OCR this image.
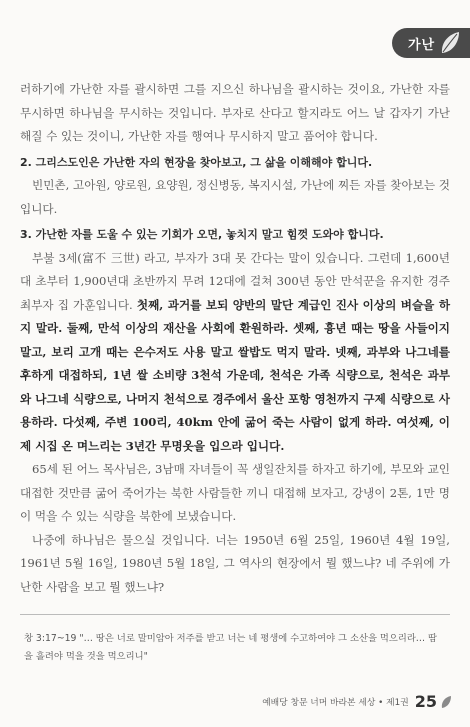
가난

러하기에 가난한 자를 괄시하면 그를 지으신 하나님을 괄시하는 것이요, 가난한 자를 무시하면 하나님을 무시하는 것입니다. 부자로 산다고 할지라도 어느 날 갑자기 가난해질 수 있는 것이니, 가난한 자를 행여나 무시하지 말고 품어야 합니다.

2. 그리스도인은 가난한 자의 현장을 찾아보고, 그 삶을 이해해야 합니다.

빈민촌, 고아원, 양로원, 요양원, 정신병동, 복지시설, 가난에 찌든 자를 찾아보는 것입니다.

3. 가난한 자를 도울 수 있는 기회가 오면, 놓치지 말고 힘껏 도와야 합니다.

부불 3세(富不 三世) 라고, 부자가 3대 못 간다는 말이 있습니다. 그런데 1,600년대 초부터 1,900년대 초반까지 무려 12대에 걸쳐 300년 동안 만석꾼을 유지한 경주 최부자 집 가훈입니다. 첫째, 과거를 보되 양반의 말단 계급인 진사 이상의 벼슬을 하지 말라. 둘째, 만석 이상의 재산을 사회에 환원하라. 셋째, 흉년 때는 땅을 사들이지 말고, 보리 고개 때는 은수저도 사용 말고 쌀밥도 먹지 말라. 넷째, 과부와 나그네를 후하게 대접하되, 1년 쌀 소비량 3천석 가운데, 천석은 가족 식량으로, 천석은 과부와 나그네 식량으로, 나머지 천석으로 경주에서 울산 포항 영천까지 구제 식량으로 사용하라. 다섯째, 주변 100리, 40km 안에 굶어 죽는 사람이 없게 하라. 여섯째, 이제 시집 온 며느리는 3년간 무명옷을 입으라 입니다.

65세 된 어느 목사님은, 3남매 자녀들이 꼭 생일잔치를 하자고 하기에, 부모와 교인 대접한 것만큼 굶어 죽어가는 북한 사람들한 끼니 대접해 보자고, 강냉이 2톤, 1만 명이 먹을 수 있는 식량을 북한에 보냈습니다.

나중에 하나님은 물으실 것입니다. 너는 1950년 6월 25일, 1960년 4월 19일, 1961년 5월 16일, 1980년 5월 18일, 그 역사의 현장에서 뭘 했느냐? 네 주위에 가난한 사람을 보고 뭘 했느냐?

창 3:17~19 "… 땅은 너로 말미암아 저주를 받고 너는 네 평생에 수고하여야 그 소산을 먹으리라… 땀을 흘려야 먹을 것을 먹으리니"
예배당 창문 너머 바라본 세상 • 제1권 25
